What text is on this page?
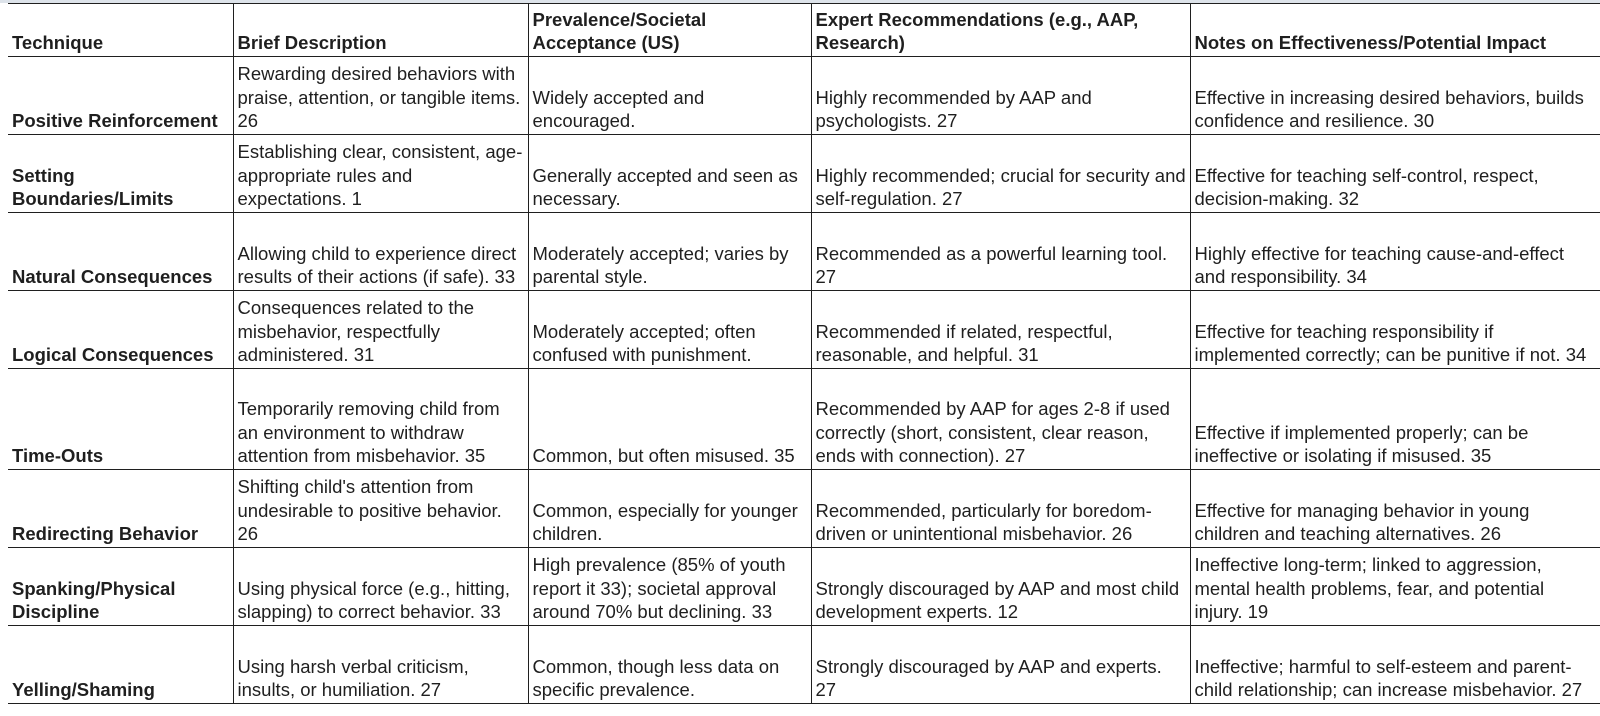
Technique	Brief Description	Prevalence/Societal Acceptance (US)	Expert Recommendations (e.g., AAP, Research)	Notes on Effectiveness/Potential Impact
Positive Reinforcement	Rewarding desired behaviors with praise, attention, or tangible items. 26	Widely accepted and encouraged.	Highly recommended by AAP and psychologists. 27	Effective in increasing desired behaviors, builds confidence and resilience. 30
Setting Boundaries/Limits	Establishing clear, consistent, age-appropriate rules and expectations. 1	Generally accepted and seen as necessary.	Highly recommended; crucial for security and self-regulation. 27	Effective for teaching self-control, respect, decision-making. 32
Natural Consequences	Allowing child to experience direct results of their actions (if safe). 33	Moderately accepted; varies by parental style.	Recommended as a powerful learning tool. 27	Highly effective for teaching cause-and-effect and responsibility. 34
Logical Consequences	Consequences related to the misbehavior, respectfully administered. 31	Moderately accepted; often confused with punishment.	Recommended if related, respectful, reasonable, and helpful. 31	Effective for teaching responsibility if implemented correctly; can be punitive if not. 34
Time-Outs	Temporarily removing child from an environment to withdraw attention from misbehavior. 35	Common, but often misused. 35	Recommended by AAP for ages 2-8 if used correctly (short, consistent, clear reason, ends with connection). 27	Effective if implemented properly; can be ineffective or isolating if misused. 35
Redirecting Behavior	Shifting child's attention from undesirable to positive behavior. 26	Common, especially for younger children.	Recommended, particularly for boredom-driven or unintentional misbehavior. 26	Effective for managing behavior in young children and teaching alternatives. 26
Spanking/Physical Discipline	Using physical force (e.g., hitting, slapping) to correct behavior. 33	High prevalence (85% of youth report it 33); societal approval around 70% but declining. 33	Strongly discouraged by AAP and most child development experts. 12	Ineffective long-term; linked to aggression, mental health problems, fear, and potential injury. 19
Yelling/Shaming	Using harsh verbal criticism, insults, or humiliation. 27	Common, though less data on specific prevalence.	Strongly discouraged by AAP and experts. 27	Ineffective; harmful to self-esteem and parent-child relationship; can increase misbehavior. 27
